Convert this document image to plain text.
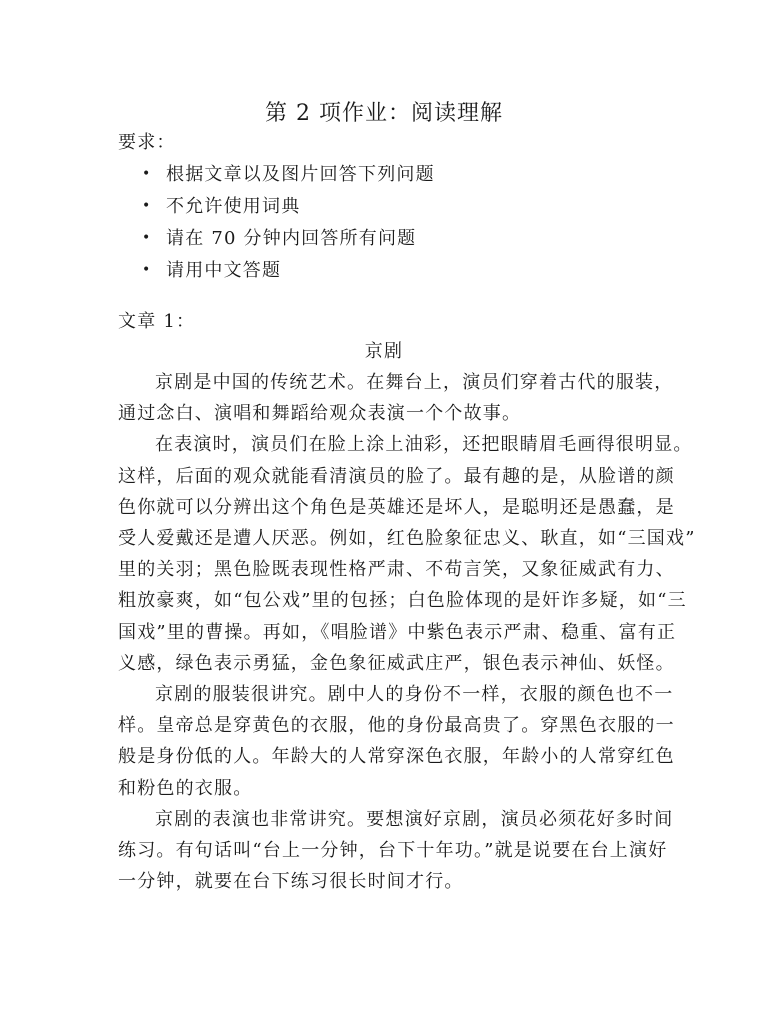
第 2 项作业：阅读理解
要求：
• 根据文章以及图片回答下列问题
• 不允许使用词典
• 请在 70 分钟内回答所有问题
• 请用中文答题
文章 1：
京剧
京剧是中国的传统艺术。在舞台上，演员们穿着古代的服装，
通过念白、演唱和舞蹈给观众表演一个个故事。
在表演时，演员们在脸上涂上油彩，还把眼睛眉毛画得很明显。
这样，后面的观众就能看清演员的脸了。最有趣的是，从脸谱的颜
色你就可以分辨出这个角色是英雄还是坏人，是聪明还是愚蠢，是
受人爱戴还是遭人厌恶。例如，红色脸象征忠义、耿直，如“三国戏”
里的关羽；黑色脸既表现性格严肃、不苟言笑，又象征威武有力、
粗放豪爽，如“包公戏”里的包拯；白色脸体现的是奸诈多疑，如“三
国戏”里的曹操。再如，《唱脸谱》中紫色表示严肃、稳重、富有正
义感，绿色表示勇猛，金色象征威武庄严，银色表示神仙、妖怪。
京剧的服装很讲究。剧中人的身份不一样，衣服的颜色也不一
样。皇帝总是穿黄色的衣服，他的身份最高贵了。穿黑色衣服的一
般是身份低的人。年龄大的人常穿深色衣服，年龄小的人常穿红色
和粉色的衣服。
京剧的表演也非常讲究。要想演好京剧，演员必须花好多时间
练习。有句话叫“台上一分钟，台下十年功。”就是说要在台上演好
一分钟，就要在台下练习很长时间才行。
